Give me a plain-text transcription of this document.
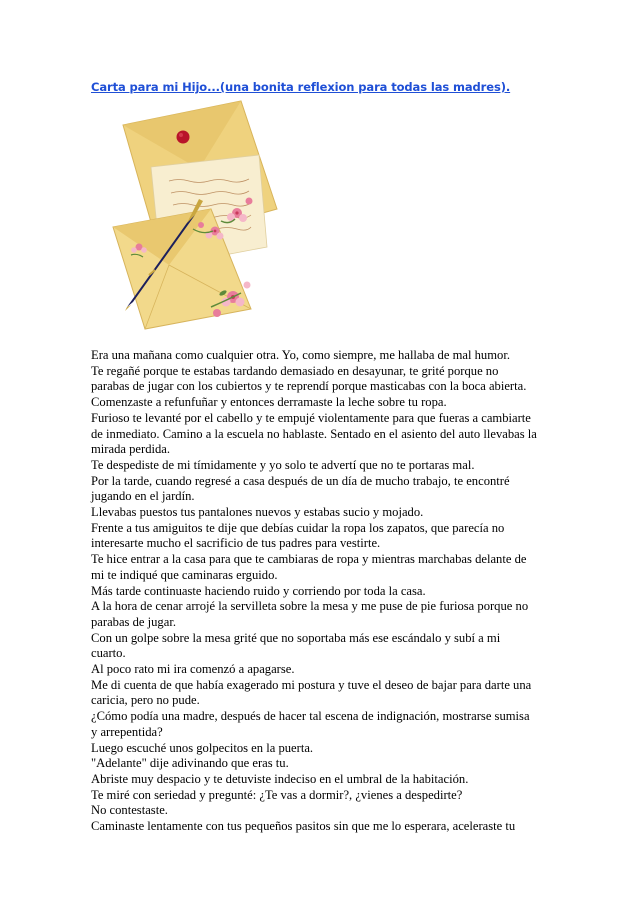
Carta para mi Hijo...(una bonita reflexion para todas las madres).

Era una mañana como cualquier otra. Yo, como siempre, me hallaba de mal humor.

Te regañé porque te estabas tardando demasiado en desayunar, te grité porque no

parabas de jugar con los cubiertos y te reprendí porque masticabas con la boca abierta.

Comenzaste a refunfuñar y entonces derramaste la leche sobre tu ropa.

Furioso te levanté por el cabello y te empujé violentamente para que fueras a cambiarte

de inmediato. Camino a la escuela no hablaste. Sentado en el asiento del auto llevabas la

mirada perdida.

Te despediste de mi tímidamente y yo solo te advertí que no te portaras mal.

Por la tarde, cuando regresé a casa después de un día de mucho trabajo, te encontré

jugando en el jardín.

Llevabas puestos tus pantalones nuevos y estabas sucio y mojado.

Frente a tus amiguitos te dije que debías cuidar la ropa los zapatos, que parecía no

interesarte mucho el sacrificio de tus padres para vestirte.

Te hice entrar a la casa para que te cambiaras de ropa y mientras marchabas delante de

mi te indiqué que caminaras erguido.

Más tarde continuaste haciendo ruido y corriendo por toda la casa.

A la hora de cenar arrojé la servilleta sobre la mesa y me puse de pie furiosa porque no

parabas de jugar.

Con un golpe sobre la mesa grité que no soportaba más ese escándalo y subí a mi

cuarto.

Al poco rato mi ira comenzó a apagarse.

Me di cuenta de que había exagerado mi postura y tuve el deseo de bajar para darte una

caricia, pero no pude.

¿Cómo podía una madre, después de hacer tal escena de indignación, mostrarse sumisa

y arrepentida?

Luego escuché unos golpecitos en la puerta.

"Adelante" dije adivinando que eras tu.

Abriste muy despacio y te detuviste indeciso en el umbral de la habitación.

Te miré con seriedad y pregunté: ¿Te vas a dormir?, ¿vienes a despedirte?

No contestaste.

Caminaste lentamente con tus pequeños pasitos sin que me lo esperara, aceleraste tu
